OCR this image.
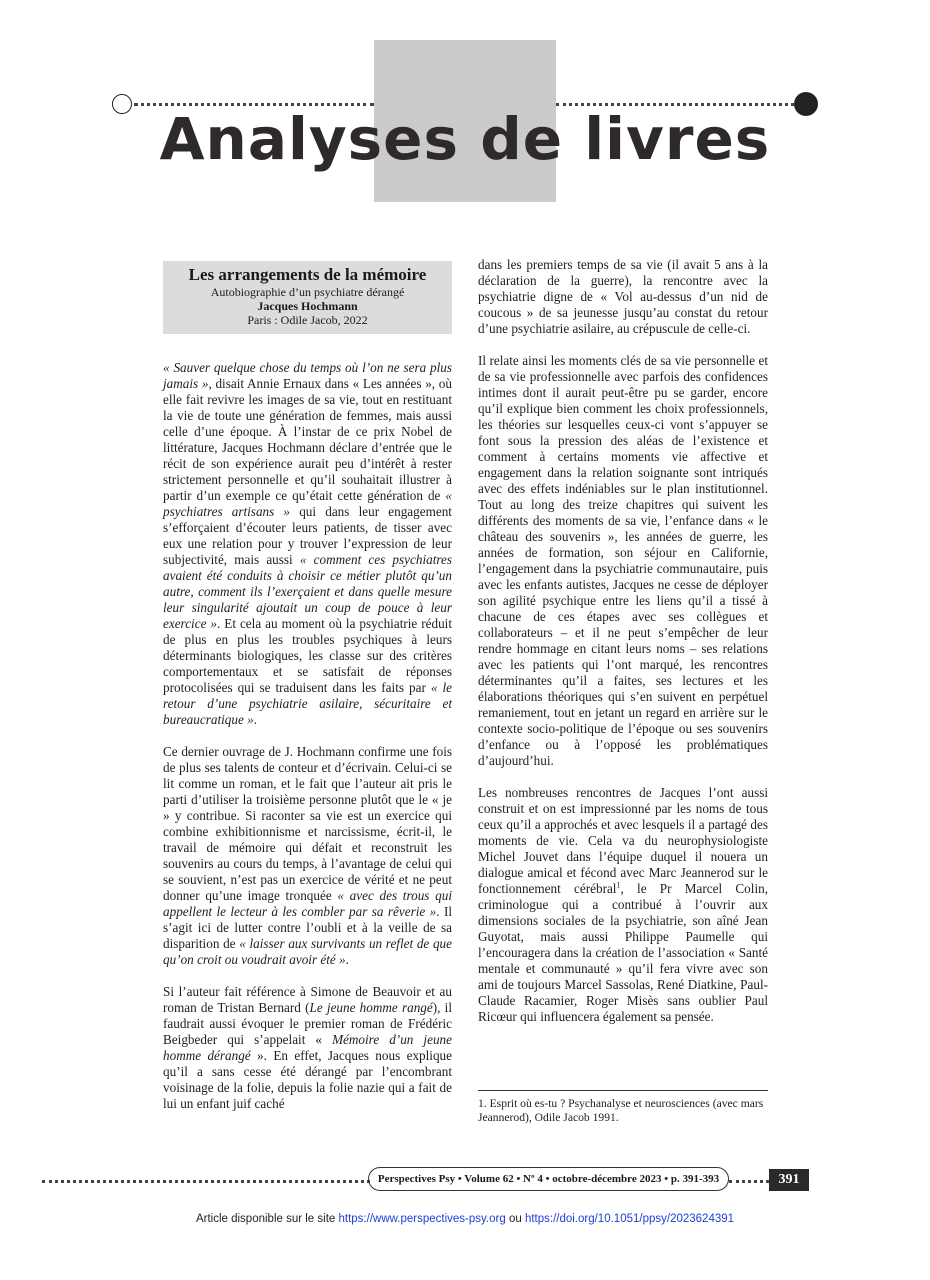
Analyses de livres
Les arrangements de la mémoire
Autobiographie d’un psychiatre dérangé
Jacques Hochmann
Paris : Odile Jacob, 2022

« Sauver quelque chose du temps où l’on ne sera plus jamais », disait Annie Ernaux dans « Les années », où elle fait revivre les images de sa vie, tout en restituant la vie de toute une génération de femmes, mais aussi celle d’une époque. À l’instar de ce prix Nobel de littérature, Jacques Hochmann déclare d’entrée que le récit de son expérience aurait peu d’intérêt à rester strictement personnelle et qu’il souhaitait illustrer à partir d’un exemple ce qu’était cette génération de « psychiatres artisans » qui dans leur engagement s’efforçaient d’écouter leurs patients, de tisser avec eux une relation pour y trouver l’expression de leur subjectivité, mais aussi « comment ces psychiatres avaient été conduits à choisir ce métier plutôt qu’un autre, comment ils l’exerçaient et dans quelle mesure leur singularité ajoutait un coup de pouce à leur exercice ». Et cela au moment où la psychiatrie réduit de plus en plus les troubles psychiques à leurs déterminants biologiques, les classe sur des critères comportementaux et se satisfait de réponses protocolisées qui se traduisent dans les faits par « le retour d’une psychiatrie asilaire, sécuritaire et bureaucratique ».

Ce dernier ouvrage de J. Hochmann confirme une fois de plus ses talents de conteur et d’écrivain. Celui-ci se lit comme un roman, et le fait que l’auteur ait pris le parti d’utiliser la troisième personne plutôt que le « je » y contribue. Si raconter sa vie est un exercice qui combine exhibitionnisme et narcissisme, écrit-il, le travail de mémoire qui défait et reconstruit les souvenirs au cours du temps, à l’avantage de celui qui se souvient, n’est pas un exercice de vérité et ne peut donner qu’une image tronquée « avec des trous qui appellent le lecteur à les combler par sa rêverie ». Il s’agit ici de lutter contre l’oubli et à la veille de sa disparition de « laisser aux survivants un reflet de que qu’on croit ou voudrait avoir été ».

Si l’auteur fait référence à Simone de Beauvoir et au roman de Tristan Bernard (Le jeune homme rangé), il faudrait aussi évoquer le premier roman de Frédéric Beigbeder qui s’appelait « Mémoire d’un jeune homme dérangé ». En effet, Jacques nous explique qu’il a sans cesse été dérangé par l’encombrant voisinage de la folie, depuis la folie nazie qui a fait de lui un enfant juif caché

dans les premiers temps de sa vie (il avait 5 ans à la déclaration de la guerre), la rencontre avec la psychiatrie digne de « Vol au-dessus d’un nid de coucous » de sa jeunesse jusqu’au constat du retour d’une psychiatrie asilaire, au crépuscule de celle-ci.

Il relate ainsi les moments clés de sa vie personnelle et de sa vie professionnelle avec parfois des confidences intimes dont il aurait peut-être pu se garder, encore qu’il explique bien comment les choix professionnels, les théories sur lesquelles ceux-ci vont s’appuyer se font sous la pression des aléas de l’existence et comment à certains moments vie affective et engagement dans la relation soignante sont intriqués avec des effets indéniables sur le plan institutionnel. Tout au long des treize chapitres qui suivent les différents des moments de sa vie, l’enfance dans « le château des souvenirs », les années de guerre, les années de formation, son séjour en Californie, l’engagement dans la psychiatrie communautaire, puis avec les enfants autistes, Jacques ne cesse de déployer son agilité psychique entre les liens qu’il a tissé à chacune de ces étapes avec ses collègues et collaborateurs – et il ne peut s’empêcher de leur rendre hommage en citant leurs noms – ses relations avec les patients qui l’ont marqué, les rencontres déterminantes qu’il a faites, ses lectures et les élaborations théoriques qui s’en suivent en perpétuel remaniement, tout en jetant un regard en arrière sur le contexte socio-politique de l’époque ou ses souvenirs d’enfance ou à l’opposé les problématiques d’aujourd’hui.

Les nombreuses rencontres de Jacques l’ont aussi construit et on est impressionné par les noms de tous ceux qu’il a approchés et avec lesquels il a partagé des moments de vie. Cela va du neurophysiologiste Michel Jouvet dans l’équipe duquel il nouera un dialogue amical et fécond avec Marc Jeannerod sur le fonctionnement cérébral$^1$, le Pr Marcel Colin, criminologue qui a contribué à l’ouvrir aux dimensions sociales de la psychiatrie, son aîné Jean Guyotat, mais aussi Philippe Paumelle qui l’encouragera dans la création de l’association « Santé mentale et communauté » qu’il fera vivre avec son ami de toujours Marcel Sassolas, René Diatkine, Paul-Claude Racamier, Roger Misès sans oublier Paul Ricœur qui influencera également sa pensée.

1. Esprit où es-tu ? Psychanalyse et neurosciences (avec mars Jeannerod), Odile Jacob 1991.
Perspectives Psy • Volume 62 • Nº 4 • octobre-décembre 2023 • p. 391-393	391
Article disponible sur le site https://www.perspectives-psy.org ou https://doi.org/10.1051/ppsy/2023624391
